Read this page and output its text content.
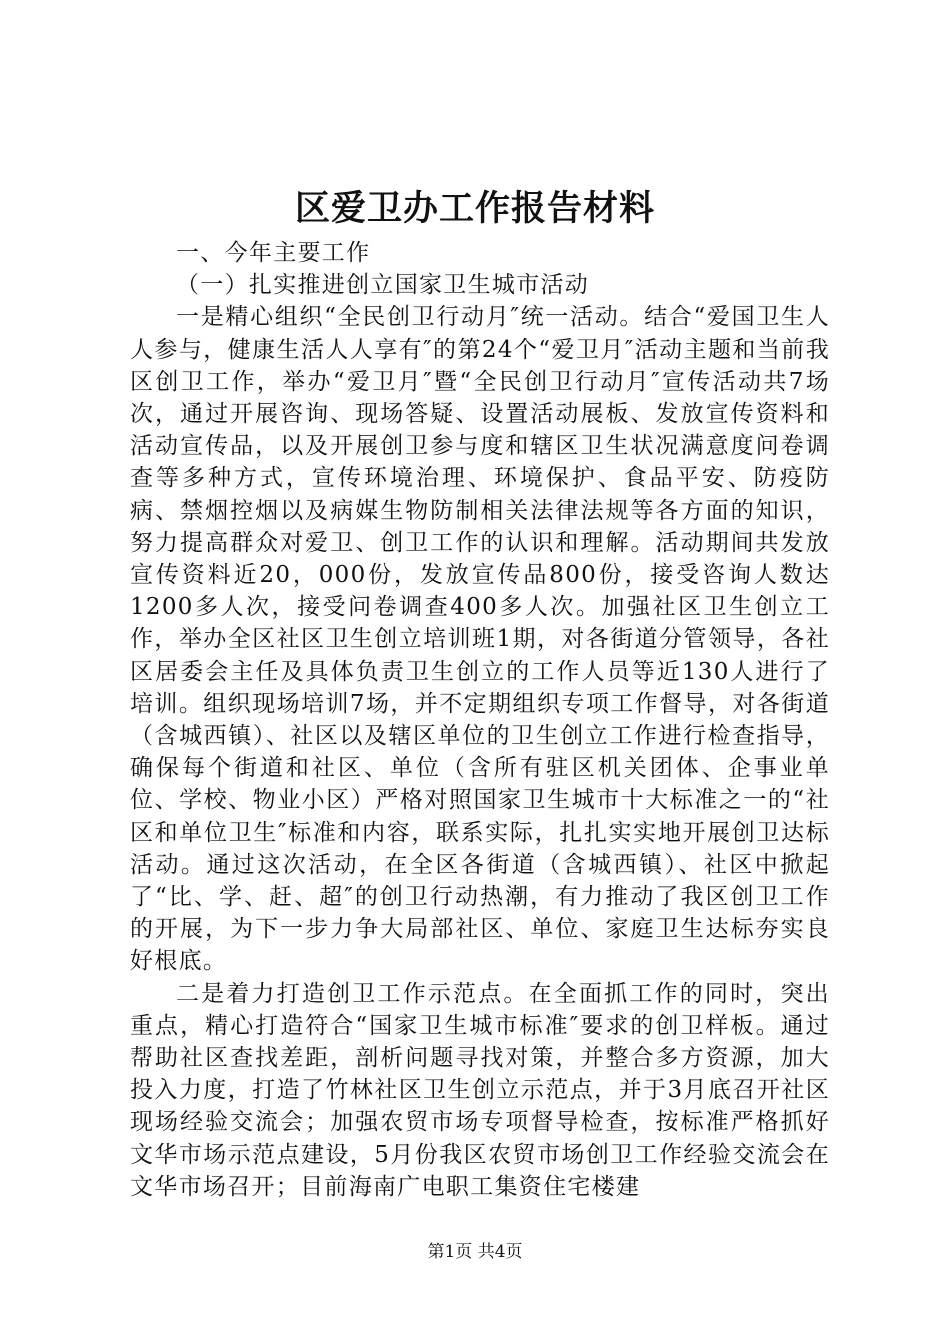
区爱卫办工作报告材料

一、今年主要工作

（一）扎实推进创立国家卫生城市活动

一是精心组织“全民创卫行动月″统一活动。结合“爱国卫生人人参与，健康生活人人享有″的第24个“爱卫月″活动主题和当前我区创卫工作，举办“爱卫月″暨“全民创卫行动月″宣传活动共7场次，通过开展咨询、现场答疑、设置活动展板、发放宣传资料和活动宣传品，以及开展创卫参与度和辖区卫生状况满意度问卷调查等多种方式，宣传环境治理、环境保护、食品平安、防疫防病、禁烟控烟以及病媒生物防制相关法律法规等各方面的知识，努力提高群众对爱卫、创卫工作的认识和理解。活动期间共发放宣传资料近20，000份，发放宣传品800份，接受咨询人数达1200多人次，接受问卷调查400多人次。加强社区卫生创立工作，举办全区社区卫生创立培训班1期，对各街道分管领导，各社区居委会主任及具体负责卫生创立的工作人员等近130人进行了培训。组织现场培训7场，并不定期组织专项工作督导，对各街道（含城西镇）、社区以及辖区单位的卫生创立工作进行检查指导，确保每个街道和社区、单位（含所有驻区机关团体、企事业单位、学校、物业小区）严格对照国家卫生城市十大标准之一的“社区和单位卫生″标准和内容，联系实际，扎扎实实地开展创卫达标活动。通过这次活动，在全区各街道（含城西镇）、社区中掀起了“比、学、赶、超″的创卫行动热潮，有力推动了我区创卫工作的开展，为下一步力争大局部社区、单位、家庭卫生达标夯实良好根底。

二是着力打造创卫工作示范点。在全面抓工作的同时，突出重点，精心打造符合“国家卫生城市标准″要求的创卫样板。通过帮助社区查找差距，剖析问题寻找对策，并整合多方资源，加大投入力度，打造了竹林社区卫生创立示范点，并于3月底召开社区现场经验交流会；加强农贸市场专项督导检查，按标准严格抓好文华市场示范点建设，5月份我区农贸市场创卫工作经验交流会在文华市场召开；目前海南广电职工集资住宅楼建

第1页 共4页
